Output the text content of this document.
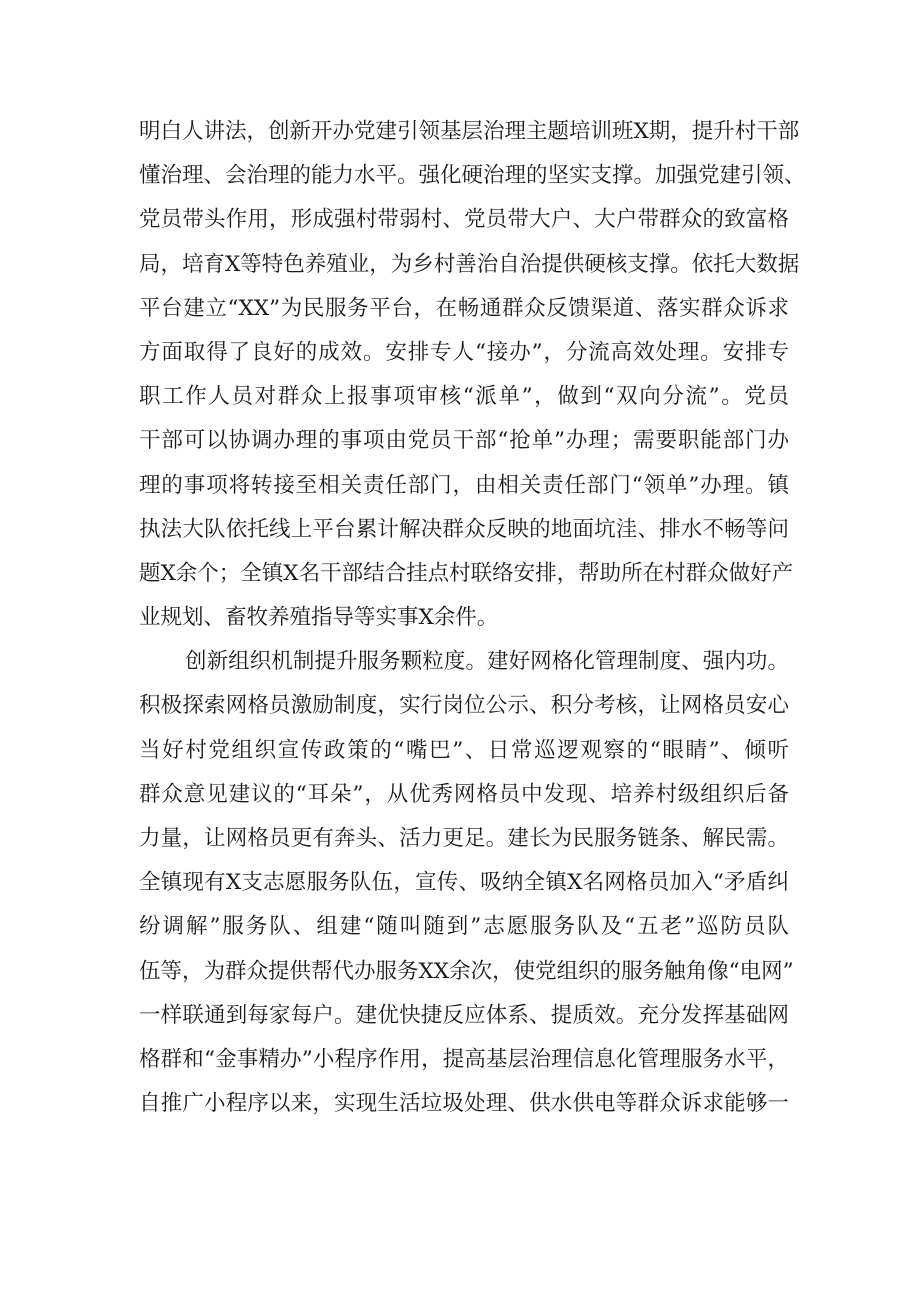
明白人讲法，创新开办党建引领基层治理主题培训班X期，提升村干部
懂治理、会治理的能力水平。强化硬治理的坚实支撑。加强党建引领、
党员带头作用，形成强村带弱村、党员带大户、大户带群众的致富格
局，培育X等特色养殖业，为乡村善治自治提供硬核支撑。依托大数据
平台建立“XX”为民服务平台，在畅通群众反馈渠道、落实群众诉求
方面取得了良好的成效。安排专人“接办”，分流高效处理。安排专
职工作人员对群众上报事项审核“派单”，做到“双向分流”。党员
干部可以协调办理的事项由党员干部“抢单”办理；需要职能部门办
理的事项将转接至相关责任部门，由相关责任部门“领单”办理。镇
执法大队依托线上平台累计解决群众反映的地面坑洼、排水不畅等问
题X余个；全镇X名干部结合挂点村联络安排，帮助所在村群众做好产
业规划、畜牧养殖指导等实事X余件。
创新组织机制提升服务颗粒度。建好网格化管理制度、强内功。
积极探索网格员激励制度，实行岗位公示、积分考核，让网格员安心
当好村党组织宣传政策的“嘴巴”、日常巡逻观察的“眼睛”、倾听
群众意见建议的“耳朵”，从优秀网格员中发现、培养村级组织后备
力量，让网格员更有奔头、活力更足。建长为民服务链条、解民需。
全镇现有X支志愿服务队伍，宣传、吸纳全镇X名网格员加入“矛盾纠
纷调解”服务队、组建“随叫随到”志愿服务队及“五老”巡防员队
伍等，为群众提供帮代办服务XX余次，使党组织的服务触角像“电网”
一样联通到每家每户。建优快捷反应体系、提质效。充分发挥基础网
格群和“金事精办”小程序作用，提高基层治理信息化管理服务水平，
自推广小程序以来，实现生活垃圾处理、供水供电等群众诉求能够一
